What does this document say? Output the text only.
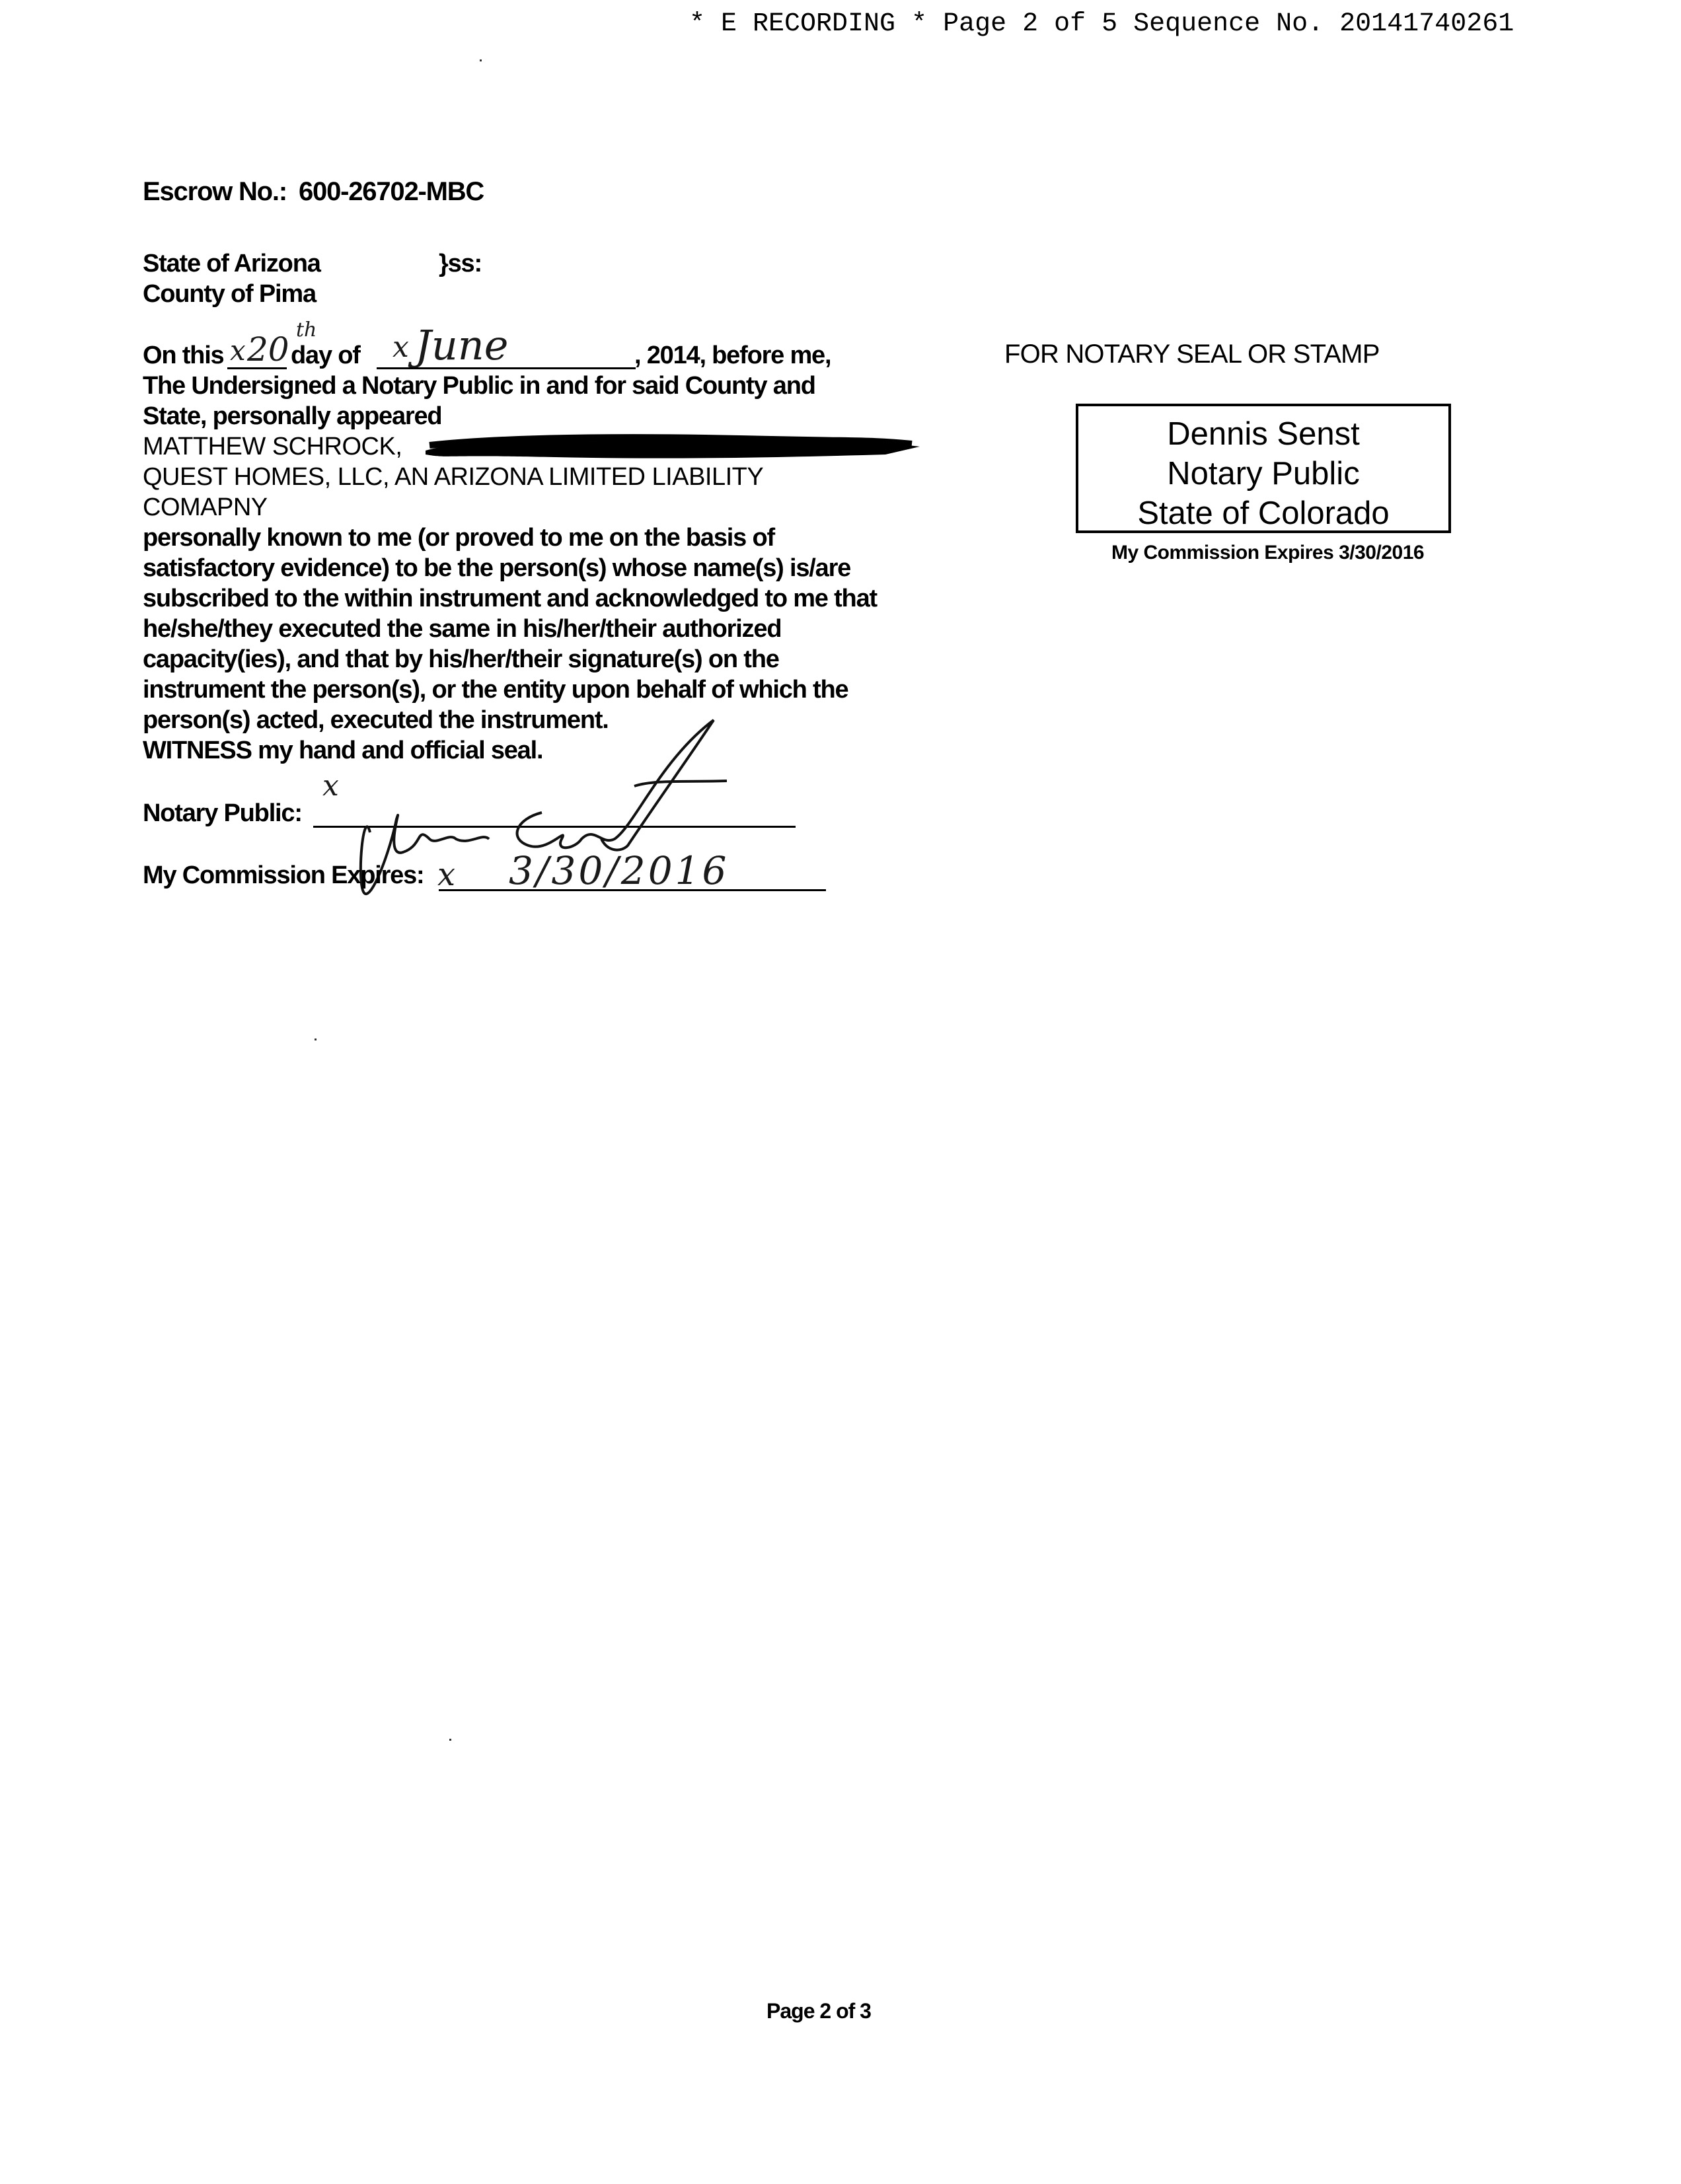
* E RECORDING * Page 2 of 5 Sequence No. 20141740261
Escrow No.: 600-26702-MBC
State of Arizona	}ss:
County of Pima
On this x 20
th
day of x June	, 2014, before me,
The Undersigned a Notary Public in and for said County and
State, personally appeared
MATTHEW SCHROCK,
QUEST HOMES, LLC, AN ARIZONA LIMITED LIABILITY
COMAPNY
personally known to me (or proved to me on the basis of
satisfactory evidence) to be the person(s) whose name(s) is/are
subscribed to the within instrument and acknowledged to me that
he/she/they executed the same in his/her/their authorized
capacity(ies), and that by his/her/their signature(s) on the
instrument the person(s), or the entity upon behalf of which the
person(s) acted, executed the instrument.
WITNESS my hand and official seal.
Notary Public:
x
My Commission Expires: x 3/30/2016
FOR NOTARY SEAL OR STAMP
Dennis Senst
Notary Public
State of Colorado
My Commission Expires 3/30/2016
Page 2 of 3
